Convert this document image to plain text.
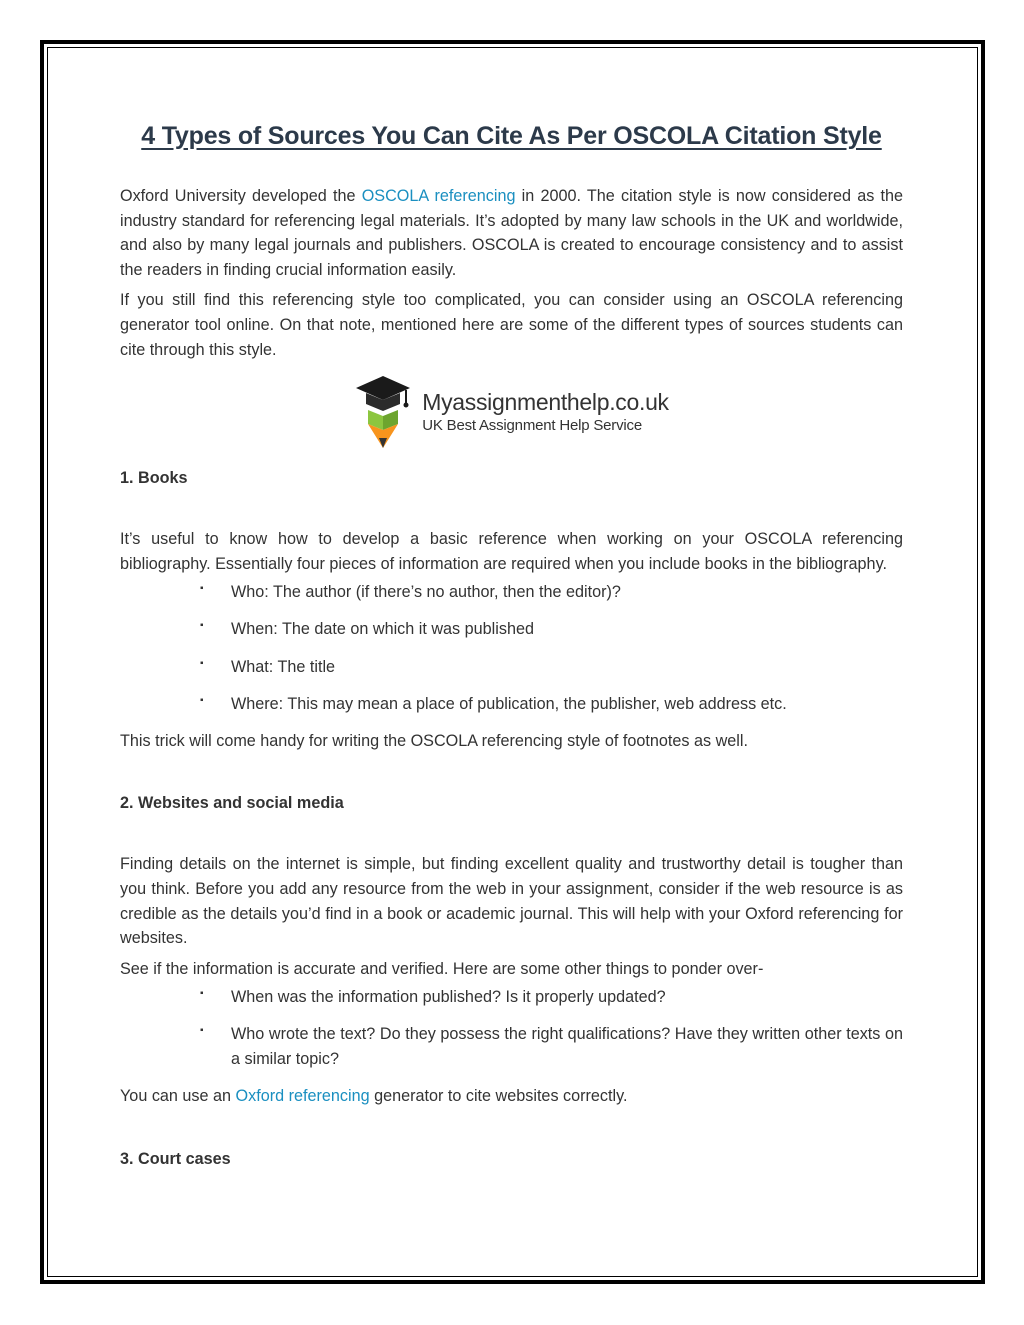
4 Types of Sources You Can Cite As Per OSCOLA Citation Style

Oxford University developed the OSCOLA referencing in 2000. The citation style is now considered as the industry standard for referencing legal materials. It’s adopted by many law schools in the UK and worldwide, and also by many legal journals and publishers. OSCOLA is created to encourage consistency and to assist the readers in finding crucial information easily.

If you still find this referencing style too complicated, you can consider using an OSCOLA referencing generator tool online. On that note, mentioned here are some of the different types of sources students can cite through this style.

Myassignmenthelp.co.uk
UK Best Assignment Help Service
1. Books

It’s useful to know how to develop a basic reference when working on your OSCOLA referencing bibliography. Essentially four pieces of information are required when you include books in the bibliography.

▪ Who: The author (if there’s no author, then the editor)?
▪ When: The date on which it was published
▪ What: The title
▪ Where: This may mean a place of publication, the publisher, web address etc.

This trick will come handy for writing the OSCOLA referencing style of footnotes as well.

2. Websites and social media

Finding details on the internet is simple, but finding excellent quality and trustworthy detail is tougher than you think. Before you add any resource from the web in your assignment, consider if the web resource is as credible as the details you’d find in a book or academic journal. This will help with your Oxford referencing for websites.

See if the information is accurate and verified. Here are some other things to ponder over-

▪ When was the information published? Is it properly updated?
▪ Who wrote the text? Do they possess the right qualifications? Have they written other texts on a similar topic?

You can use an Oxford referencing generator to cite websites correctly.

3. Court cases
